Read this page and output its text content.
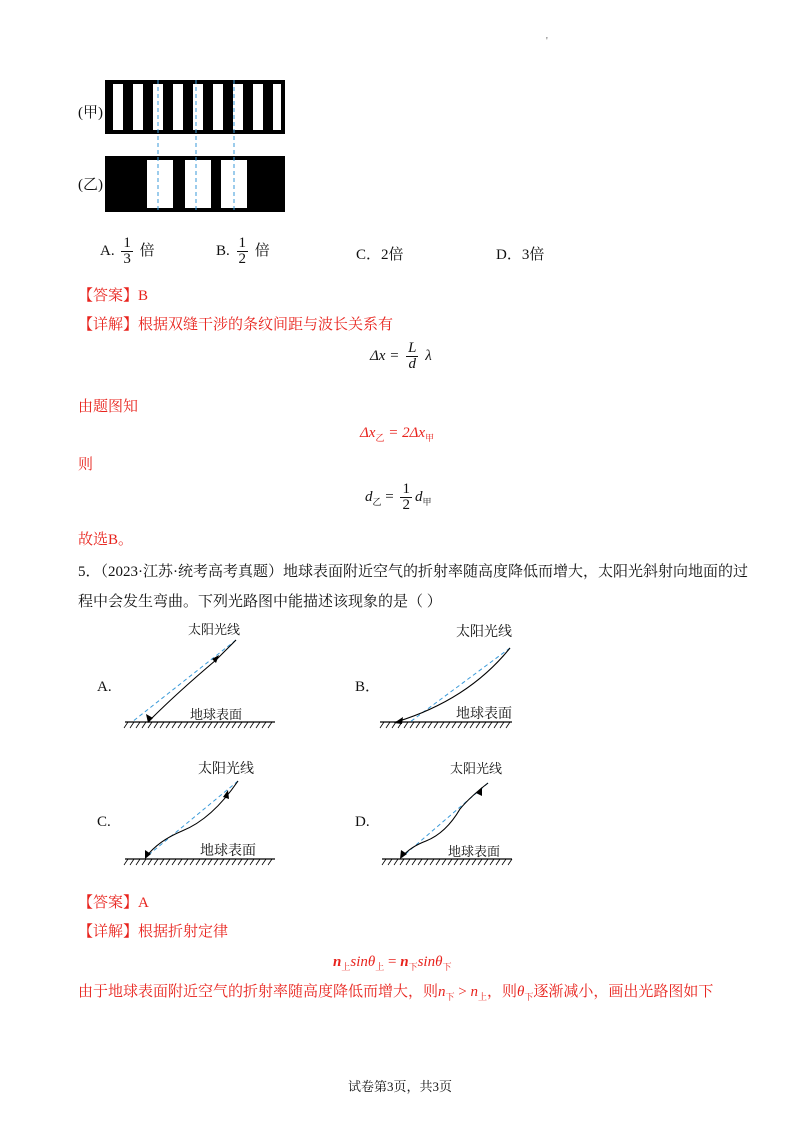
'
(甲)
(乙)
A. $\frac{1}{3}$ 倍	B. $\frac{1}{2}$ 倍	C．2倍	D．3倍
【答案】B
【详解】根据双缝干涉的条纹间距与波长关系有
$\Delta x = \frac{L}{d}$ λ
由题图知
$\Delta x_乙 = 2\Delta x_甲$
则
$d_乙 = \frac{1}{2} d_甲$
故选B。
5．（2023·江苏·统考高考真题）地球表面附近空气的折射率随高度降低而增大，太阳光斜射向地面的过
程中会发生弯曲。下列光路图中能描述该现象的是（ ）
A.	B．
C.	D.
太阳光线
地球表面
太阳光线
地球表面
太阳光线
地球表面
太阳光线
地球表面
【答案】A
【详解】根据折射定律
$n_上\sin\theta_上 = n_下\sin\theta_下$
由于地球表面附近空气的折射率随高度降低而增大，则$n_下 > n_上$，则$\theta_下$逐渐减小，画出光路图如下
试卷第3页，共3页
